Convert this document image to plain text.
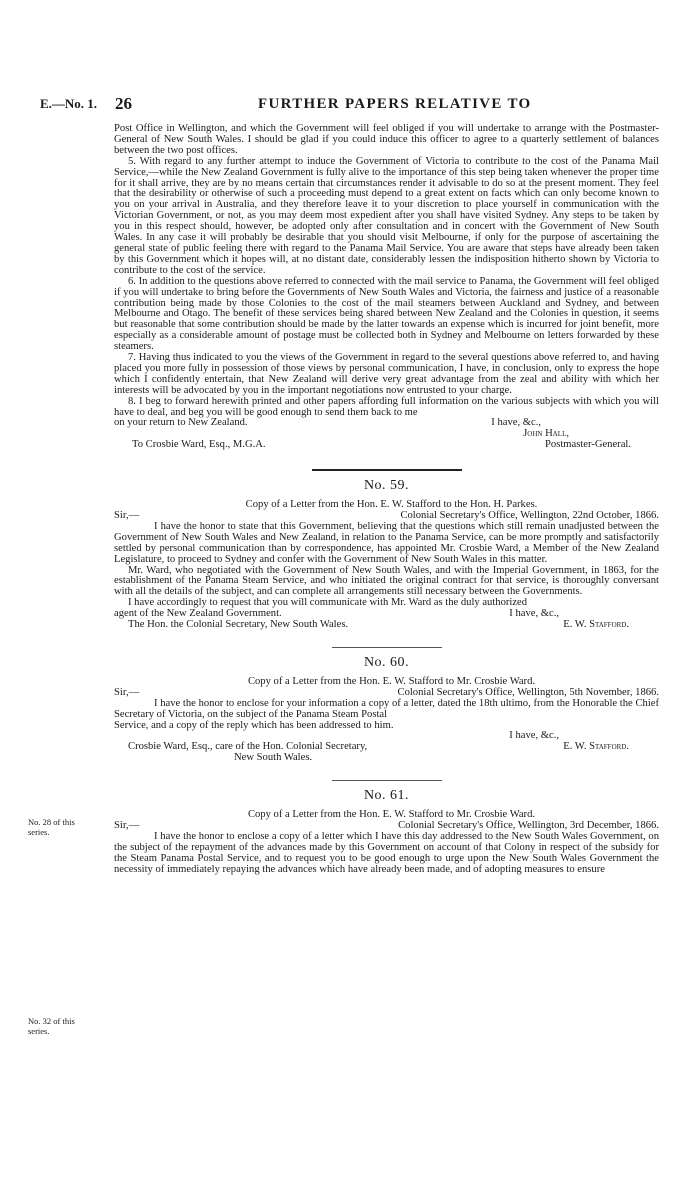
E.—No. 1. 26	FURTHER PAPERS RELATIVE TO
No. 28 of this series.
No. 32 of this series.

Post Office in Wellington, and which the Government will feel obliged if you will undertake to arrange with the Postmaster-General of New South Wales. I should be glad if you could induce this officer to agree to a quarterly settlement of balances between the two post offices.

5. With regard to any further attempt to induce the Government of Victoria to contribute to the cost of the Panama Mail Service,—while the New Zealand Government is fully alive to the importance of this step being taken whenever the proper time for it shall arrive, they are by no means certain that circumstances render it advisable to do so at the present moment. They feel that the desirability or otherwise of such a proceeding must depend to a great extent on facts which can only become known to you on your arrival in Australia, and they therefore leave it to your discretion to place yourself in communication with the Victorian Government, or not, as you may deem most expedient after you shall have visited Sydney. Any steps to be taken by you in this respect should, however, be adopted only after consultation and in concert with the Government of New South Wales. In any case it will probably be desirable that you should visit Melbourne, if only for the purpose of ascertaining the general state of public feeling there with regard to the Panama Mail Service. You are aware that steps have already been taken by this Government which it hopes will, at no distant date, considerably lessen the indisposition hitherto shown by Victoria to contribute to the cost of the service.

6. In addition to the questions above referred to connected with the mail service to Panama, the Government will feel obliged if you will undertake to bring before the Governments of New South Wales and Victoria, the fairness and justice of a reasonable contribution being made by those Colonies to the cost of the mail steamers between Auckland and Sydney, and between Melbourne and Otago. The benefit of these services being shared between New Zealand and the Colonies in question, it seems but reasonable that some contribution should be made by the latter towards an expense which is incurred for joint benefit, more especially as a considerable amount of postage must be collected both in Sydney and Melbourne on letters forwarded by these steamers.

7. Having thus indicated to you the views of the Government in regard to the several questions above referred to, and having placed you more fully in possession of those views by personal communication, I have, in conclusion, only to express the hope which I confidently entertain, that New Zealand will derive very great advantage from the zeal and ability with which her interests will be advocated by you in the important negotiations now entrusted to your charge.

8. I beg to forward herewith printed and other papers affording full information on the various subjects with which you will have to deal, and beg you will be good enough to send them back to me

on your return to New Zealand.	I have, &c.,
John Hall,
To Crosbie Ward, Esq., M.G.A.	Postmaster-General.
No. 59.
Copy of a Letter from the Hon. E. W. Stafford to the Hon. H. Parkes.
Sir,—	Colonial Secretary's Office, Wellington, 22nd October, 1866.

I have the honor to state that this Government, believing that the questions which still remain unadjusted between the Government of New South Wales and New Zealand, in relation to the Panama Service, can be more promptly and satisfactorily settled by personal communication than by correspondence, has appointed Mr. Crosbie Ward, a Member of the New Zealand Legislature, to proceed to Sydney and confer with the Government of New South Wales in this matter.

Mr. Ward, who negotiated with the Government of New South Wales, and with the Imperial Government, in 1863, for the establishment of the Panama Steam Service, and who initiated the original contract for that service, is thoroughly conversant with all the details of the subject, and can complete all arrangements still necessary between the Governments.

I have accordingly to request that you will communicate with Mr. Ward as the duly authorized

agent of the New Zealand Government.	I have, &c.,
The Hon. the Colonial Secretary, New South Wales.	E. W. Stafford.
No. 60.
Copy of a Letter from the Hon. E. W. Stafford to Mr. Crosbie Ward.
Sir,—	Colonial Secretary's Office, Wellington, 5th November, 1866.

I have the honor to enclose for your information a copy of a letter, dated the 18th ultimo, from the Honorable the Chief Secretary of Victoria, on the subject of the Panama Steam Postal

Service, and a copy of the reply which has been addressed to him.
I have, &c.,
Crosbie Ward, Esq., care of the Hon. Colonial Secretary,	E. W. Stafford.
New South Wales.
No. 61.
Copy of a Letter from the Hon. E. W. Stafford to Mr. Crosbie Ward.
Sir,—	Colonial Secretary's Office, Wellington, 3rd December, 1866.

I have the honor to enclose a copy of a letter which I have this day addressed to the New South Wales Government, on the subject of the repayment of the advances made by this Government on account of that Colony in respect of the subsidy for the Steam Panama Postal Service, and to request you to be good enough to urge upon the New South Wales Government the necessity of immediately repaying the advances which have already been made, and of adopting measures to ensure
